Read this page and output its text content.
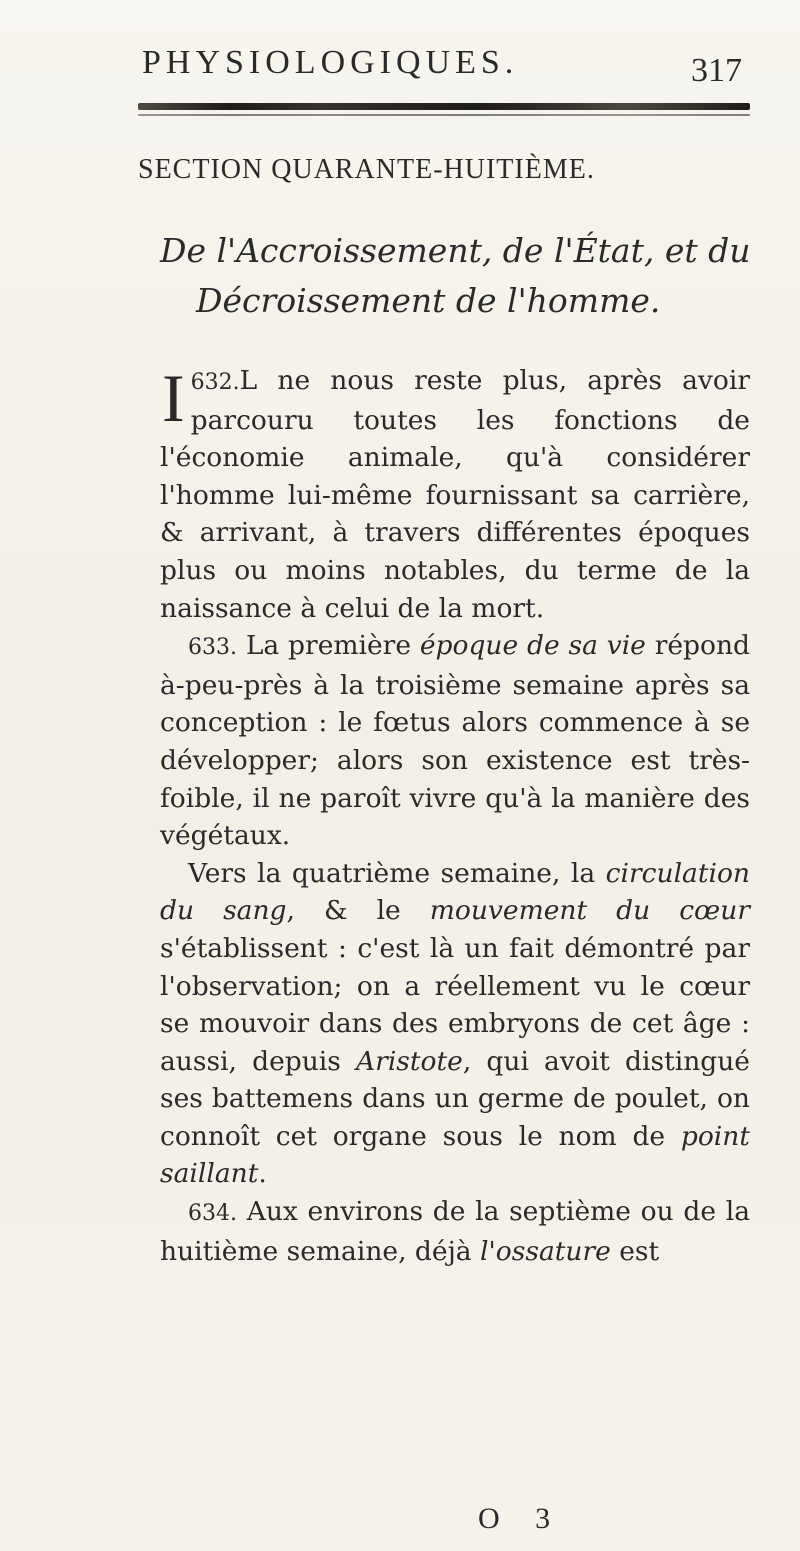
PHYSIOLOGIQUES.	317
SECTION QUARANTE-HUITIÈME.
De l'Accroissement, de l'État, et du
Décroissement de l'homme.

632.
I L ne nous reste plus, après avoir parcouru toutes les fonctions de l'économie animale, qu'à considérer l'homme lui-même fournissant sa carrière, & arrivant, à travers différentes époques plus ou moins notables, du terme de la naissance à celui de la mort.

633. La première époque de sa vie répond à-peu-près à la troisième semaine après sa conception : le fœtus alors commence à se développer; alors son existence est très-foible, il ne paroît vivre qu'à la manière des végétaux.

Vers la quatrième semaine, la circulation du sang, & le mouvement du cœur s'établissent : c'est là un fait démontré par l'observation; on a réellement vu le cœur se mouvoir dans des embryons de cet âge : aussi, depuis Aristote, qui avoit distingué ses battemens dans un germe de poulet, on connoît cet organe sous le nom de point saillant.

634. Aux environs de la septième ou de la huitième semaine, déjà l'ossature est

O 3
